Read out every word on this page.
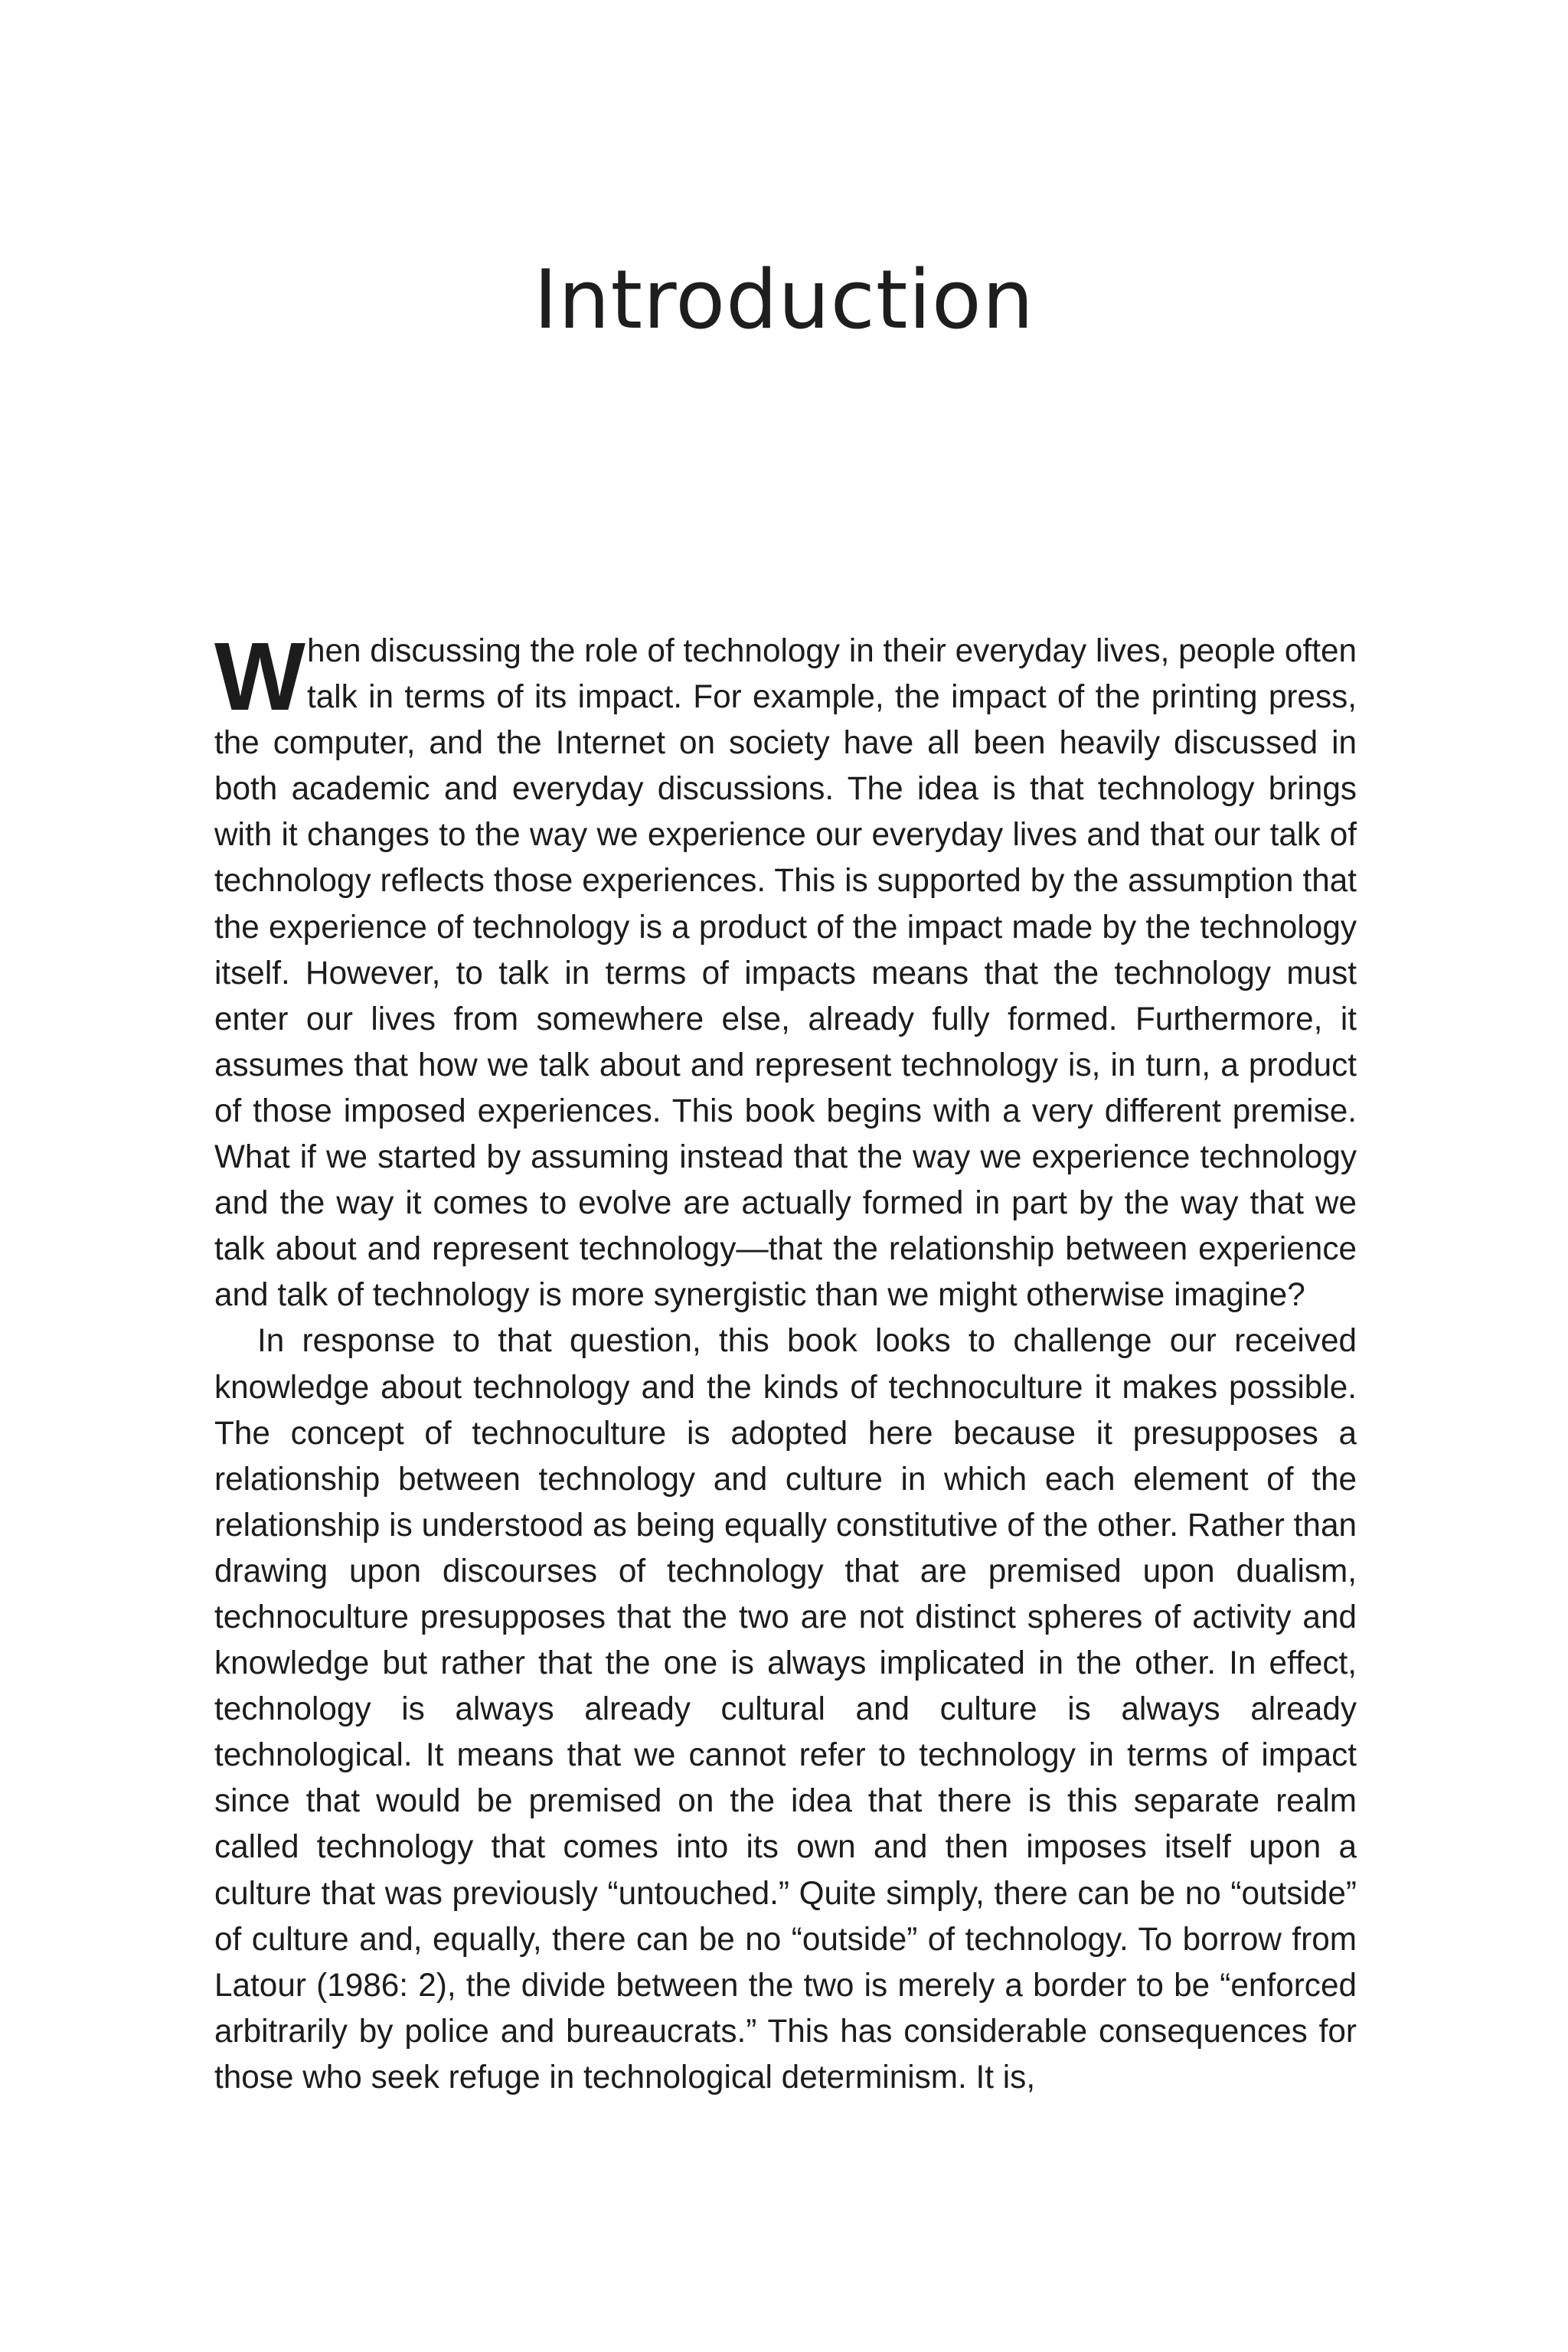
Introduction

When discussing the role of technology in their everyday lives, people often talk in terms of its impact. For example, the impact of the printing press, the computer, and the Internet on society have all been heavily discussed in both academic and everyday discussions. The idea is that technology brings with it changes to the way we experience our everyday lives and that our talk of technology reflects those experiences. This is supported by the assumption that the experience of technology is a product of the impact made by the technology itself. However, to talk in terms of impacts means that the technology must enter our lives from somewhere else, already fully formed. Furthermore, it assumes that how we talk about and represent technology is, in turn, a product of those imposed experiences. This book begins with a very different premise. What if we started by assuming instead that the way we experience technology and the way it comes to evolve are actually formed in part by the way that we talk about and represent technology—that the relationship between experience and talk of technology is more synergistic than we might otherwise imagine?

In response to that question, this book looks to challenge our received knowledge about technology and the kinds of technoculture it makes possible. The concept of technoculture is adopted here because it presupposes a relationship between technology and culture in which each element of the relationship is understood as being equally constitutive of the other. Rather than drawing upon discourses of technology that are premised upon dualism, technoculture presupposes that the two are not distinct spheres of activity and knowledge but rather that the one is always implicated in the other. In effect, technology is always already cultural and culture is always already technological. It means that we cannot refer to technology in terms of impact since that would be premised on the idea that there is this separate realm called technology that comes into its own and then imposes itself upon a culture that was previously “untouched.” Quite simply, there can be no “outside” of culture and, equally, there can be no “outside” of technology. To borrow from Latour (1986: 2), the divide between the two is merely a border to be “enforced arbitrarily by police and bureaucrats.” This has considerable consequences for those who seek refuge in technological determinism. It is,
